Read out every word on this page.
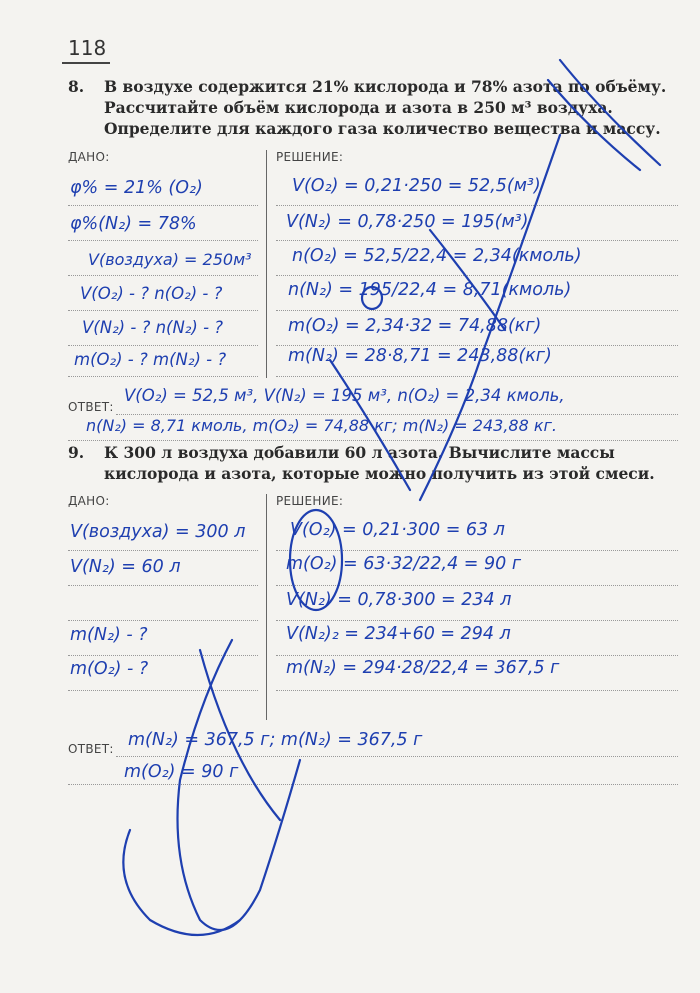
118
8. В воздухе содержится 21% кислорода и 78% азота по объёму. Рассчитайте объём кислорода и азота в 250 м³ воздуха. Определите для каждого газа количество вещества и массу.
ДАНО:	РЕШЕНИЕ:
φ% = 21% (O₂)
φ%(N₂) = 78%
V(воздуха) = 250м³
V(O₂) - ? n(O₂) - ?
V(N₂) - ? n(N₂) - ?
m(O₂) - ? m(N₂) - ?
V(O₂) = 0,21·250 = 52,5(м³)
V(N₂) = 0,78·250 = 195(м³)
n(O₂) = 52,5/22,4 = 2,34(кмоль)
n(N₂) = 195/22,4 = 8,71(кмоль)
m(O₂) = 2,34·32 = 74,88(кг)
m(N₂) = 28·8,71 = 243,88(кг)
ОТВЕТ:
V(O₂) = 52,5 м³, V(N₂) = 195 м³, n(O₂) = 2,34 кмоль,
n(N₂) = 8,71 кмоль, m(O₂) = 74,88 кг; m(N₂) = 243,88 кг.
9. К 300 л воздуха добавили 60 л азота. Вычислите массы кислорода и азота, которые можно получить из этой смеси.
ДАНО:	РЕШЕНИЕ:
V(воздуха) = 300 л
V(N₂) = 60 л
m(N₂) - ?
m(O₂) - ?
V(O₂) = 0,21·300 = 63 л
m(O₂) = 63·32/22,4 = 90 г
V(N₂) = 0,78·300 = 234 л
V(N₂)₂ = 234+60 = 294 л
m(N₂) = 294·28/22,4 = 367,5 г
ОТВЕТ: m(N₂) = 367,5 г; m(N₂) = 367,5 г
m(O₂) = 90 г
